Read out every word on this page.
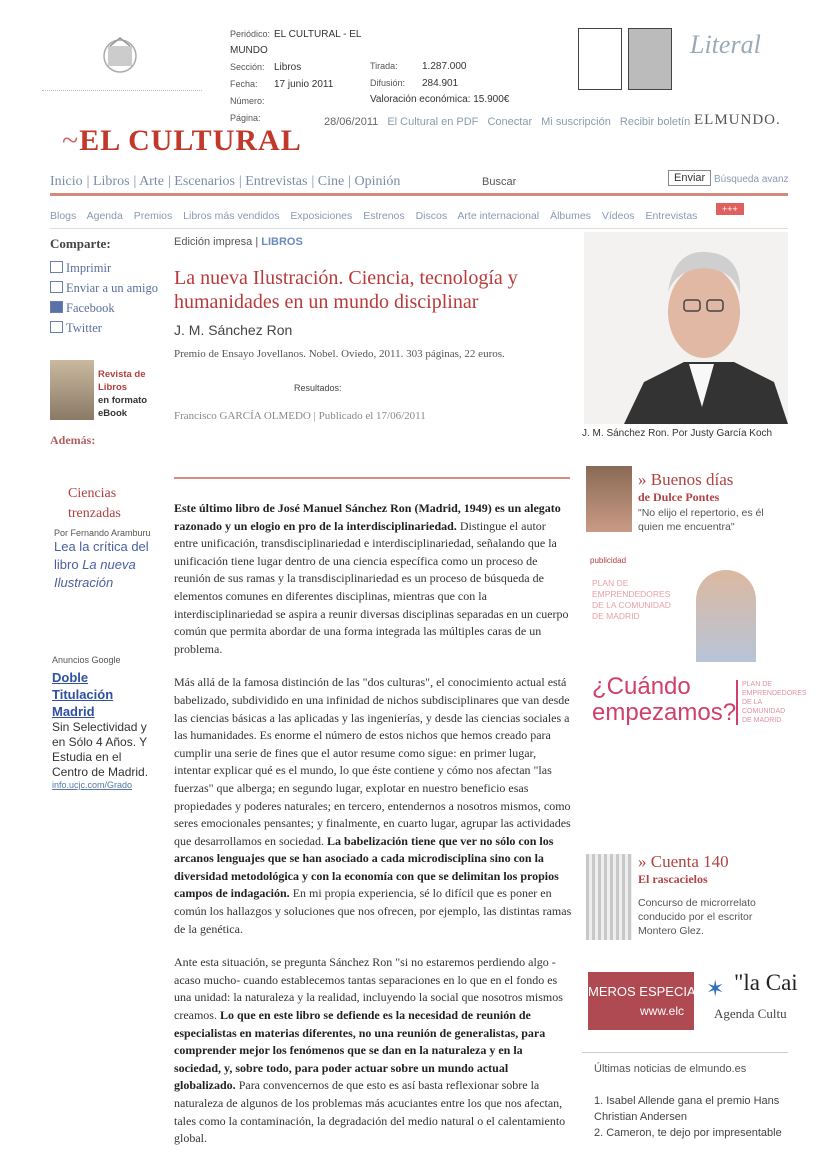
Periódico: EL CULTURAL - EL MUNDO
Sección: Libros
Fecha: 17 junio 2011
Número:
Página:
Tirada: 1.287.000
Difusión: 284.901
Valoración económica: 15.900€
Literal
~EL CULTURAL
28/06/2011 El Cultural en PDF Conectar Mi suscripción Recibir boletín ELMUNDO.
Inicio | Libros | Arte | Escenarios | Entrevistas | Cine | Opinión	Buscar	Enviar Búsqueda avanz
Blogs Agenda Premios Libros más vendidos Exposiciones Estrenos Discos Arte internacional Álbumes Vídeos Entrevistas
+++
Comparte:
Imprimir
Enviar a un amigo
Facebook
Twitter
Revista de Libros
en formato eBook
Además:
Ciencias trenzadas
Por Fernando Aramburu
Lea la crítica del libro La nueva Ilustración
Anuncios Google
Doble Titulación Madrid
Sin Selectividad y en Sólo 4 Años. Y Estudia en el Centro de Madrid.
info.ucjc.com/Grado
Edición impresa | LIBROS
La nueva Ilustración. Ciencia, tecnología y humanidades en un mundo disciplinar
J. M. Sánchez Ron
Premio de Ensayo Jovellanos. Nobel. Oviedo, 2011. 303 páginas, 22 euros.
Resultados:
Francisco GARCÍA OLMEDO | Publicado el 17/06/2011
J. M. Sánchez Ron. Por Justy García Koch

Este último libro de José Manuel Sánchez Ron (Madrid, 1949) es un alegato razonado y un elogio en pro de la interdisciplinariedad. Distingue el autor entre unificación, transdisciplinariedad e interdisciplinariedad, señalando que la unificación tiene lugar dentro de una ciencia específica como un proceso de reunión de sus ramas y la transdisciplinariedad es un proceso de búsqueda de elementos comunes en diferentes disciplinas, mientras que con la interdisciplinariedad se aspira a reunir diversas disciplinas separadas en un cuerpo común que permita abordar de una forma integrada las múltiples caras de un problema.

Más allá de la famosa distinción de las "dos culturas", el conocimiento actual está babelizado, subdividido en una infinidad de nichos subdisciplinares que van desde las ciencias básicas a las aplicadas y las ingenierías, y desde las ciencias sociales a las humanidades. Es enorme el número de estos nichos que hemos creado para cumplir una serie de fines que el autor resume como sigue: en primer lugar, intentar explicar qué es el mundo, lo que éste contiene y cómo nos afectan "las fuerzas" que alberga; en segundo lugar, explotar en nuestro beneficio esas propiedades y poderes naturales; en tercero, entendernos a nosotros mismos, como seres emocionales pensantes; y finalmente, en cuarto lugar, agrupar las actividades que desarrollamos en sociedad. La babelización tiene que ver no sólo con los arcanos lenguajes que se han asociado a cada microdisciplina sino con la diversidad metodológica y con la economía con que se delimitan los propios campos de indagación. En mi propia experiencia, sé lo difícil que es poner en común los hallazgos y soluciones que nos ofrecen, por ejemplo, las distintas ramas de la genética.

Ante esta situación, se pregunta Sánchez Ron "si no estaremos perdiendo algo -acaso mucho- cuando establecemos tantas separaciones en lo que en el fondo es una unidad: la naturaleza y la realidad, incluyendo la social que nosotros mismos creamos. Lo que en este libro se defiende es la necesidad de reunión de especialistas en materias diferentes, no una reunión de generalistas, para comprender mejor los fenómenos que se dan en la naturaleza y en la sociedad, y, sobre todo, para poder actuar sobre un mundo actual globalizado. Para convencernos de que esto es así basta reflexionar sobre la naturaleza de algunos de los problemas más acuciantes entre los que nos afectan, tales como la contaminación, la degradación del medio natural o el calentamiento global.

» Buenos días
de Dulce Pontes
"No elijo el repertorio, es él quien me encuentra"
publicidad
PLAN DE EMPRENDEDORES DE LA COMUNIDAD DE MADRID
¿Cuándo empezamos?
PLAN DE EMPRENDEDORES DE LA COMUNIDAD DE MADRID
» Cuenta 140
El rascacielos
Concurso de microrrelato conducido por el escritor Montero Glez.
MEROS ESPECIA
www.elc
✶ "la Cai
Agenda Cultu
Últimas noticias de elmundo.es
1. Isabel Allende gana el premio Hans Christian Andersen
2. Cameron, te dejo por impresentable
